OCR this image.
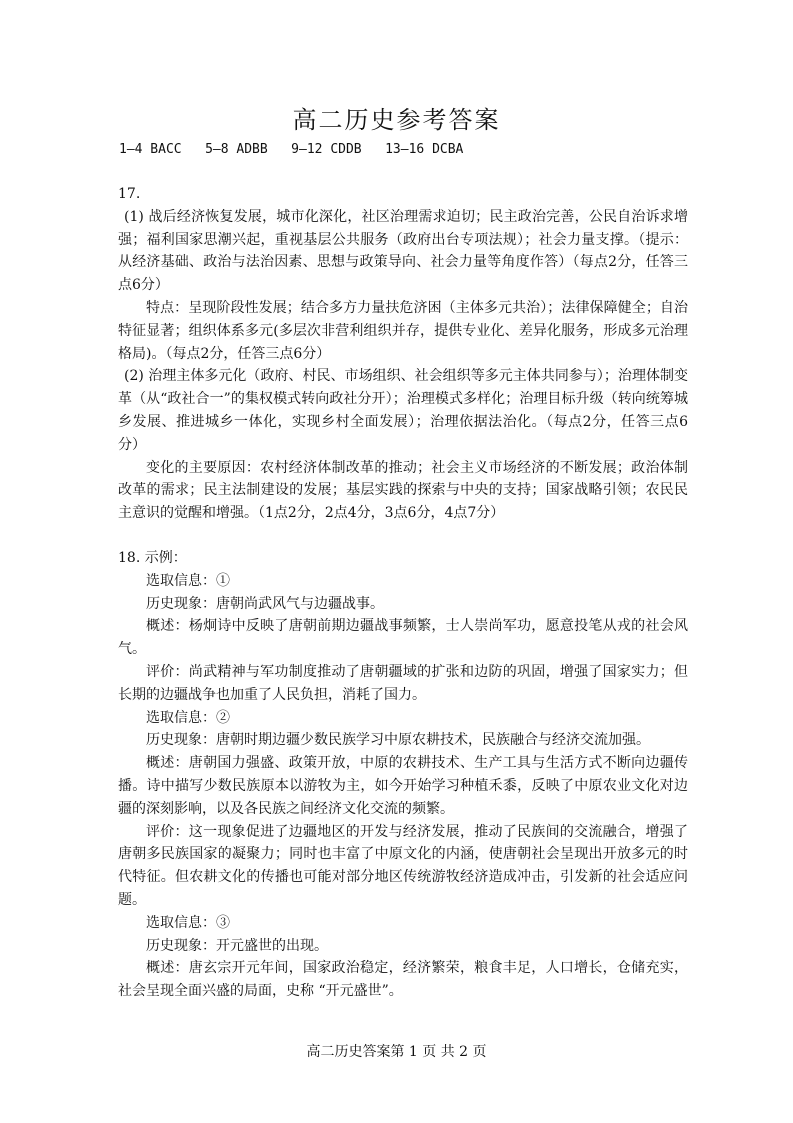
高二历史参考答案
1—4 BACC   5—8 ADBB   9—12 CDDB   13—16 DCBA

17.

(1) 战后经济恢复发展，城市化深化，社区治理需求迫切；民主政治完善，公民自治诉求增强；福利国家思潮兴起，重视基层公共服务（政府出台专项法规）；社会力量支撑。（提示：从经济基础、政治与法治因素、思想与政策导向、社会力量等角度作答）（每点2分，任答三点6分）

特点：呈现阶段性发展；结合多方力量扶危济困（主体多元共治）；法律保障健全；自治特征显著；组织体系多元(多层次非营利组织并存，提供专业化、差异化服务，形成多元治理格局)。（每点2分，任答三点6分）

(2) 治理主体多元化（政府、村民、市场组织、社会组织等多元主体共同参与）；治理体制变革（从“政社合一”的集权模式转向政社分开）；治理模式多样化；治理目标升级（转向统筹城乡发展、推进城乡一体化，实现乡村全面发展）；治理依据法治化。（每点2分，任答三点6分）

变化的主要原因：农村经济体制改革的推动；社会主义市场经济的不断发展；政治体制改革的需求；民主法制建设的发展；基层实践的探索与中央的支持；国家战略引领；农民民主意识的觉醒和增强。（1点2分，2点4分，3点6分，4点7分）

18. 示例：

选取信息：①

历史现象：唐朝尚武风气与边疆战事。

概述：杨炯诗中反映了唐朝前期边疆战事频繁，士人崇尚军功，愿意投笔从戎的社会风气。

评价：尚武精神与军功制度推动了唐朝疆域的扩张和边防的巩固，增强了国家实力；但长期的边疆战争也加重了人民负担，消耗了国力。

选取信息：②

历史现象：唐朝时期边疆少数民族学习中原农耕技术，民族融合与经济交流加强。

概述：唐朝国力强盛、政策开放，中原的农耕技术、生产工具与生活方式不断向边疆传播。诗中描写少数民族原本以游牧为主，如今开始学习种植禾黍，反映了中原农业文化对边疆的深刻影响，以及各民族之间经济文化交流的频繁。

评价：这一现象促进了边疆地区的开发与经济发展，推动了民族间的交流融合，增强了唐朝多民族国家的凝聚力；同时也丰富了中原文化的内涵，使唐朝社会呈现出开放多元的时代特征。但农耕文化的传播也可能对部分地区传统游牧经济造成冲击，引发新的社会适应问题。

选取信息：③

历史现象：开元盛世的出现。

概述：唐玄宗开元年间，国家政治稳定，经济繁荣，粮食丰足，人口增长，仓储充实，社会呈现全面兴盛的局面，史称 “开元盛世”。

高二历史答案第 1 页 共 2 页
